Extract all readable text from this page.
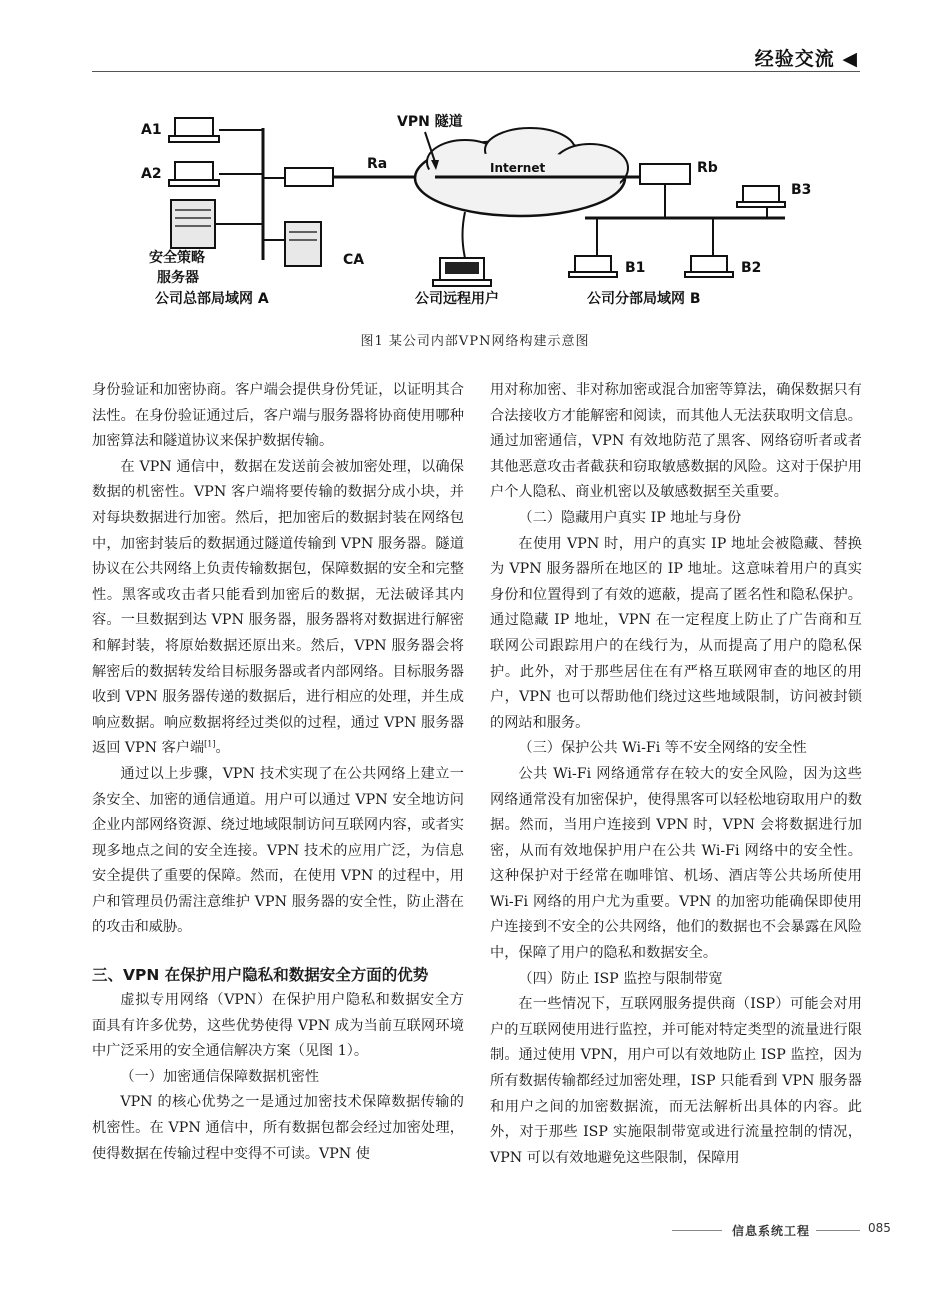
经验交流 ◀
VPN 隧道
Internet
A1
A2
Ra	Rb
CA
安全策略
服务器
公司总部局域网 A	公司远程用户	公司分部局域网 B
B1	B2
B3
图1 某公司内部VPN网络构建示意图

身份验证和加密协商。客户端会提供身份凭证，以证明其合法性。在身份验证通过后，客户端与服务器将协商使用哪种加密算法和隧道协议来保护数据传输。

在 VPN 通信中，数据在发送前会被加密处理，以确保数据的机密性。VPN 客户端将要传输的数据分成小块，并对每块数据进行加密。然后，把加密后的数据封装在网络包中，加密封装后的数据通过隧道传输到 VPN 服务器。隧道协议在公共网络上负责传输数据包，保障数据的安全和完整性。黑客或攻击者只能看到加密后的数据，无法破译其内容。一旦数据到达 VPN 服务器，服务器将对数据进行解密和解封装，将原始数据还原出来。然后，VPN 服务器会将解密后的数据转发给目标服务器或者内部网络。目标服务器收到 VPN 服务器传递的数据后，进行相应的处理，并生成响应数据。响应数据将经过类似的过程，通过 VPN 服务器返回 VPN 客户端[1]。

通过以上步骤，VPN 技术实现了在公共网络上建立一条安全、加密的通信通道。用户可以通过 VPN 安全地访问企业内部网络资源、绕过地域限制访问互联网内容，或者实现多地点之间的安全连接。VPN 技术的应用广泛，为信息安全提供了重要的保障。然而，在使用 VPN 的过程中，用户和管理员仍需注意维护 VPN 服务器的安全性，防止潜在的攻击和威胁。

三、VPN 在保护用户隐私和数据安全方面的优势

虚拟专用网络（VPN）在保护用户隐私和数据安全方面具有许多优势，这些优势使得 VPN 成为当前互联网环境中广泛采用的安全通信解决方案（见图 1）。

（一）加密通信保障数据机密性

VPN 的核心优势之一是通过加密技术保障数据传输的机密性。在 VPN 通信中，所有数据包都会经过加密处理，使得数据在传输过程中变得不可读。VPN 使

用对称加密、非对称加密或混合加密等算法，确保数据只有合法接收方才能解密和阅读，而其他人无法获取明文信息。通过加密通信，VPN 有效地防范了黑客、网络窃听者或者其他恶意攻击者截获和窃取敏感数据的风险。这对于保护用户个人隐私、商业机密以及敏感数据至关重要。

（二）隐藏用户真实 IP 地址与身份

在使用 VPN 时，用户的真实 IP 地址会被隐藏、替换为 VPN 服务器所在地区的 IP 地址。这意味着用户的真实身份和位置得到了有效的遮蔽，提高了匿名性和隐私保护。通过隐藏 IP 地址，VPN 在一定程度上防止了广告商和互联网公司跟踪用户的在线行为，从而提高了用户的隐私保护。此外，对于那些居住在有严格互联网审查的地区的用户，VPN 也可以帮助他们绕过这些地域限制，访问被封锁的网站和服务。

（三）保护公共 Wi-Fi 等不安全网络的安全性

公共 Wi-Fi 网络通常存在较大的安全风险，因为这些网络通常没有加密保护，使得黑客可以轻松地窃取用户的数据。然而，当用户连接到 VPN 时，VPN 会将数据进行加密，从而有效地保护用户在公共 Wi-Fi 网络中的安全性。这种保护对于经常在咖啡馆、机场、酒店等公共场所使用 Wi-Fi 网络的用户尤为重要。VPN 的加密功能确保即使用户连接到不安全的公共网络，他们的数据也不会暴露在风险中，保障了用户的隐私和数据安全。

（四）防止 ISP 监控与限制带宽

在一些情况下，互联网服务提供商（ISP）可能会对用户的互联网使用进行监控，并可能对特定类型的流量进行限制。通过使用 VPN，用户可以有效地防止 ISP 监控，因为所有数据传输都经过加密处理，ISP 只能看到 VPN 服务器和用户之间的加密数据流，而无法解析出具体的内容。此外，对于那些 ISP 实施限制带宽或进行流量控制的情况，VPN 可以有效地避免这些限制，保障用

信息系统工程	085
